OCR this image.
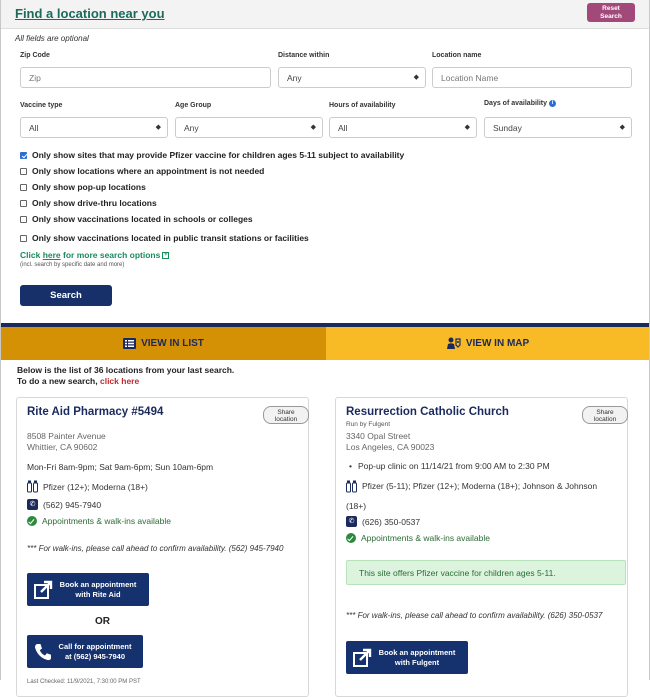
Find a location near you	Reset Search
All fields are optional
Zip Code
Zip
Distance within
Any	◆
Location name
Location Name
Vaccine type
All	◆
Age Group
Any	◆
Hours of availability
All	◆
Days of availability i
Sunday	◆
Only show sites that may provide Pfizer vaccine for children ages 5-11 subject to availability
Only show locations where an appointment is not needed
Only show pop-up locations
Only show drive-thru locations
Only show vaccinations located in schools or colleges
Only show vaccinations located in public transit stations or facilities
Click here for more search options +
(incl. search by specific date and more)
Search
VIEW IN LIST	VIEW IN MAP
Below is the list of 36 locations from your last search.
To do a new search, click here
Rite Aid Pharmacy #5494	Share location
8508 Painter Avenue
Whittier, CA 90602
Mon-Fri 8am-9pm; Sat 9am-6pm; Sun 10am-6pm
Pfizer (12+); Moderna (18+)
✆ (562) 945-7940
Appointments & walk-ins available
*** For walk-ins, please call ahead to confirm availability. (562) 945-7940
Book an appointment
with Rite Aid
OR
Call for appointment
at (562) 945-7940
Last Checked: 11/9/2021, 7:30:00 PM PST
Resurrection Catholic Church	Share location
Run by Fulgent
3340 Opal Street
Los Angeles, CA 90023
• Pop-up clinic on 11/14/21 from 9:00 AM to 2:30 PM
Pfizer (5-11); Pfizer (12+); Moderna (18+); Johnson & Johnson
(18+)
✆ (626) 350-0537
Appointments & walk-ins available
This site offers Pfizer vaccine for children ages 5-11.
*** For walk-ins, please call ahead to confirm availability. (626) 350-0537
Book an appointment
with Fulgent
